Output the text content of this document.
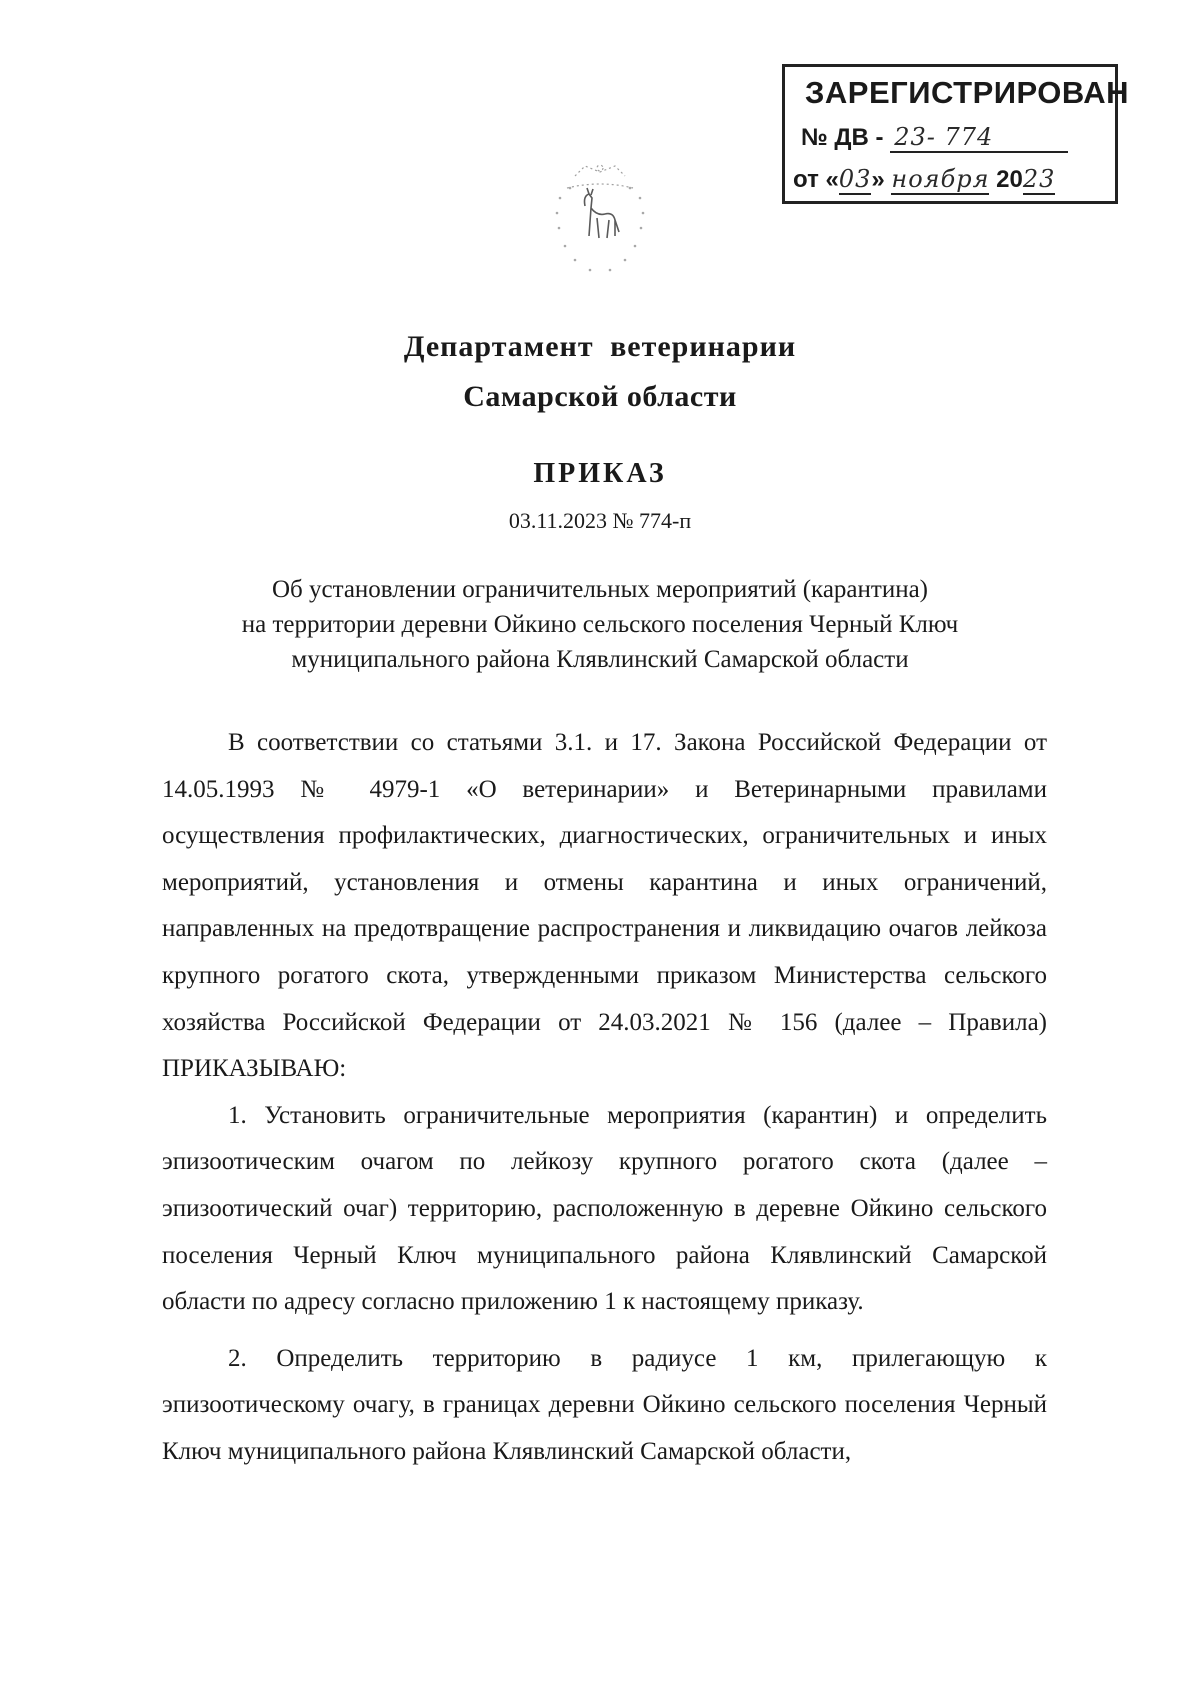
ЗАРЕГИСТРИРОВАН
№ ДВ - 23- 774
от «03» ноября 2023
Департамент ветеринарии
Самарской области
ПРИКАЗ
03.11.2023 № 774-п
Об установлении ограничительных мероприятий (карантина)
на территории деревни Ойкино сельского поселения Черный Ключ
муниципального района Клявлинский Самарской области

В соответствии со статьями 3.1. и 17. Закона Российской Федерации от 14.05.1993 № 4979-1 «О ветеринарии» и Ветеринарными правилами осуществления профилактических, диагностических, ограничительных и иных мероприятий, установления и отмены карантина и иных ограничений, направленных на предотвращение распространения и ликвидацию очагов лейкоза крупного рогатого скота, утвержденными приказом Министерства сельского хозяйства Российской Федерации от 24.03.2021 № 156 (далее – Правила) ПРИКАЗЫВАЮ:

1. Установить ограничительные мероприятия (карантин) и определить эпизоотическим очагом по лейкозу крупного рогатого скота (далее – эпизоотический очаг) территорию, расположенную в деревне Ойкино сельского поселения Черный Ключ муниципального района Клявлинский Самарской области по адресу согласно приложению 1 к настоящему приказу.

2. Определить территорию в радиусе 1 км, прилегающую к эпизоотическому очагу, в границах деревни Ойкино сельского поселения Черный Ключ муниципального района Клявлинский Самарской области,
